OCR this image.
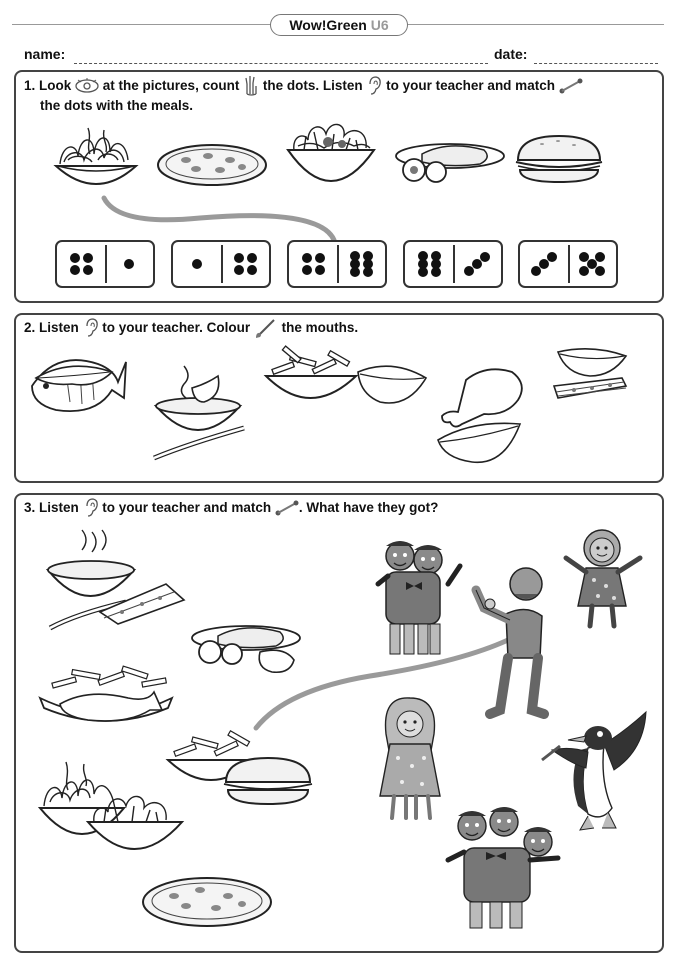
Wow!Green U6
name:	date:
1. Look at the pictures, count the dots. Listen to your teacher and match
the dots with the meals.
2. Listen to your teacher. Colour the mouths.
3. Listen to your teacher and match . What have they got?
